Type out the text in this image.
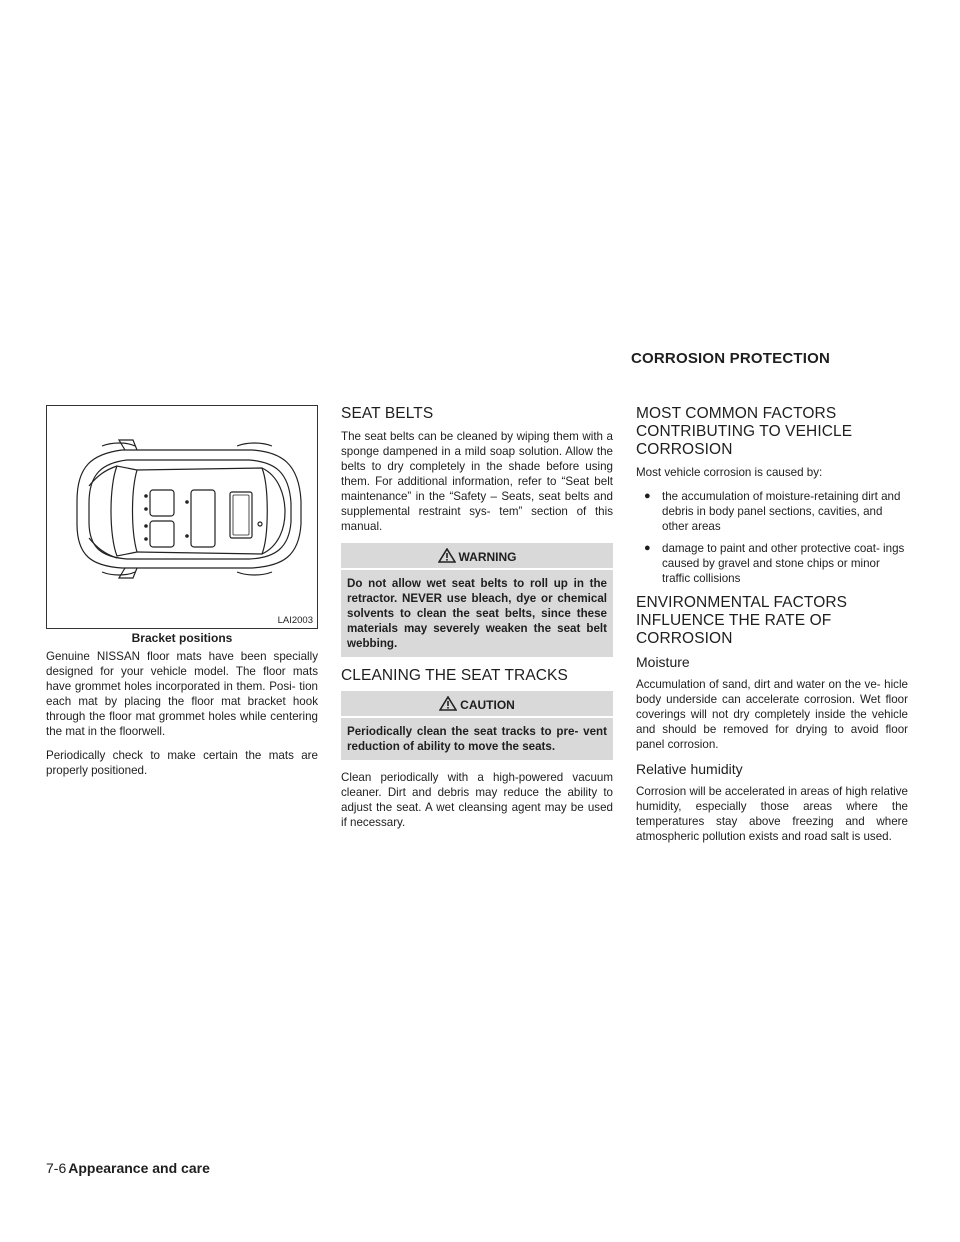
CORROSION PROTECTION
LAI2003
Bracket positions

Genuine NISSAN floor mats have been specially designed for your vehicle model. The floor mats have grommet holes incorporated in them. Posi- tion each mat by placing the floor mat bracket hook through the floor mat grommet holes while centering the mat in the floorwell.

Periodically check to make certain the mats are properly positioned.

SEAT BELTS

The seat belts can be cleaned by wiping them with a sponge dampened in a mild soap solution. Allow the belts to dry completely in the shade before using them. For additional information, refer to “Seat belt maintenance” in the “Safety – Seats, seat belts and supplemental restraint sys- tem” section of this manual.

WARNING
Do not allow wet seat belts to roll up in the retractor. NEVER use bleach, dye or chemical solvents to clean the seat belts, since these materials may severely weaken the seat belt webbing.
CLEANING THE SEAT TRACKS
CAUTION
Periodically clean the seat tracks to pre- vent reduction of ability to move the seats.

Clean periodically with a high-powered vacuum cleaner. Dirt and debris may reduce the ability to adjust the seat. A wet cleansing agent may be used if necessary.

MOST COMMON FACTORS CONTRIBUTING TO VEHICLE CORROSION

Most vehicle corrosion is caused by:

● the accumulation of moisture-retaining dirt and debris in body panel sections, cavities, and other areas
● damage to paint and other protective coat- ings caused by gravel and stone chips or minor traffic collisions
ENVIRONMENTAL FACTORS INFLUENCE THE RATE OF CORROSION
Moisture

Accumulation of sand, dirt and water on the ve- hicle body underside can accelerate corrosion. Wet floor coverings will not dry completely inside the vehicle and should be removed for drying to avoid floor panel corrosion.

Relative humidity

Corrosion will be accelerated in areas of high relative humidity, especially those areas where the temperatures stay above freezing and where atmospheric pollution exists and road salt is used.

7-6 Appearance and care
